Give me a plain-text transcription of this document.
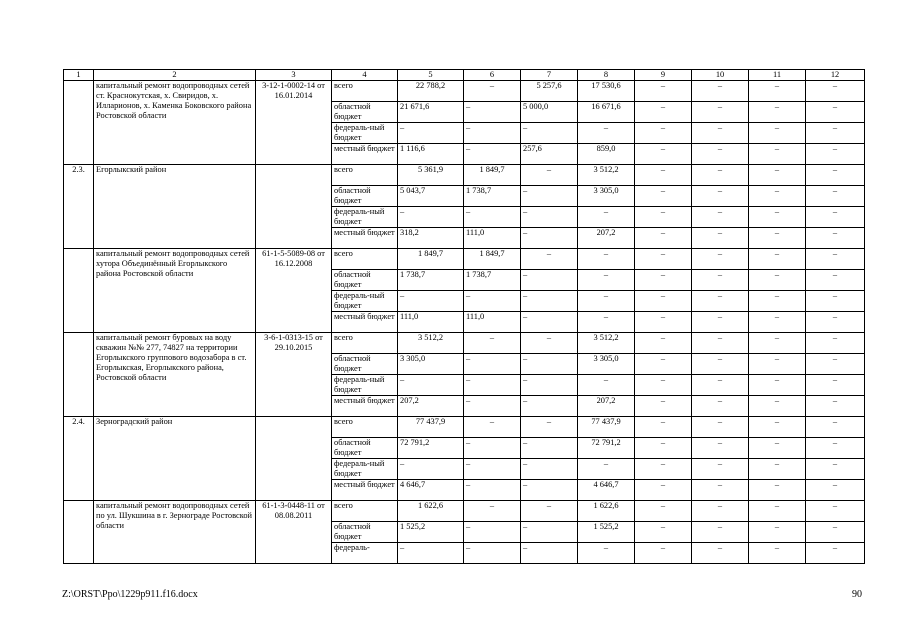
1	2	3	4	5	6	7	8	9	10	11	12
	капитальный ремонт водопроводных сетей ст. Краснокутская, х. Свиридов, х. Илларионов, х. Каменка Боковского района Ростовской области	3-12-1-0002-14 от 16.01.2014	всего	22 788,2	–	5 257,6	17 530,6	–	–	–	–
			областной бюджет	21 671,6	–	5 000,0	16 671,6	–	–	–	–
			федераль-ный бюджет	–	–	–	–	–	–	–	–
			местный бюджет	1 116,6	–	257,6	859,0	–	–	–	–
2.3.	Егорлыкский район		всего	5 361,9	1 849,7	–	3 512,2	–	–	–	–
			областной бюджет	5 043,7	1 738,7	–	3 305,0	–	–	–	–
			федераль-ный бюджет	–	–	–	–	–	–	–	–
			местный бюджет	318,2	111,0	–	207,2	–	–	–	–
	капитальный ремонт водопроводных сетей хутора Объединённый Егорлыкского района Ростовской области	61-1-5-5089-08 от 16.12.2008	всего	1 849,7	1 849,7	–	–	–	–	–	–
			областной бюджет	1 738,7	1 738,7	–	–	–	–	–	–
			федераль-ный бюджет	–	–	–	–	–	–	–	–
			местный бюджет	111,0	111,0	–	–	–	–	–	–
	капитальный ремонт буровых на воду скважин №№ 277, 74827 на территории Егорлыкского группового водозабора в ст. Егорлыкская, Егорлыкского района, Ростовской области	3-6-1-0313-15 от 29.10.2015	всего	3 512,2	–	–	3 512,2	–	–	–	–
			областной бюджет	3 305,0	–	–	3 305,0	–	–	–	–
			федераль-ный бюджет	–	–	–	–	–	–	–	–
			местный бюджет	207,2	–	–	207,2	–	–	–	–
2.4.	Зерноградский район		всего	77 437,9	–	–	77 437,9	–	–	–	–
			областной бюджет	72 791,2	–	–	72 791,2	–	–	–	–
			федераль-ный бюджет	–	–	–	–	–	–	–	–
			местный бюджет	4 646,7	–	–	4 646,7	–	–	–	–
	капитальный ремонт водопроводных сетей по ул. Шукшина в г. Зернограде Ростовской области	61-1-3-0448-11 от 08.08.2011	всего	1 622,6	–	–	1 622,6	–	–	–	–
			областной бюджет	1 525,2	–	–	1 525,2	–	–	–	–
			федераль-	–	–	–	–	–	–	–	–
Z:\ORST\Ppo\1229p911.f16.docx	90
